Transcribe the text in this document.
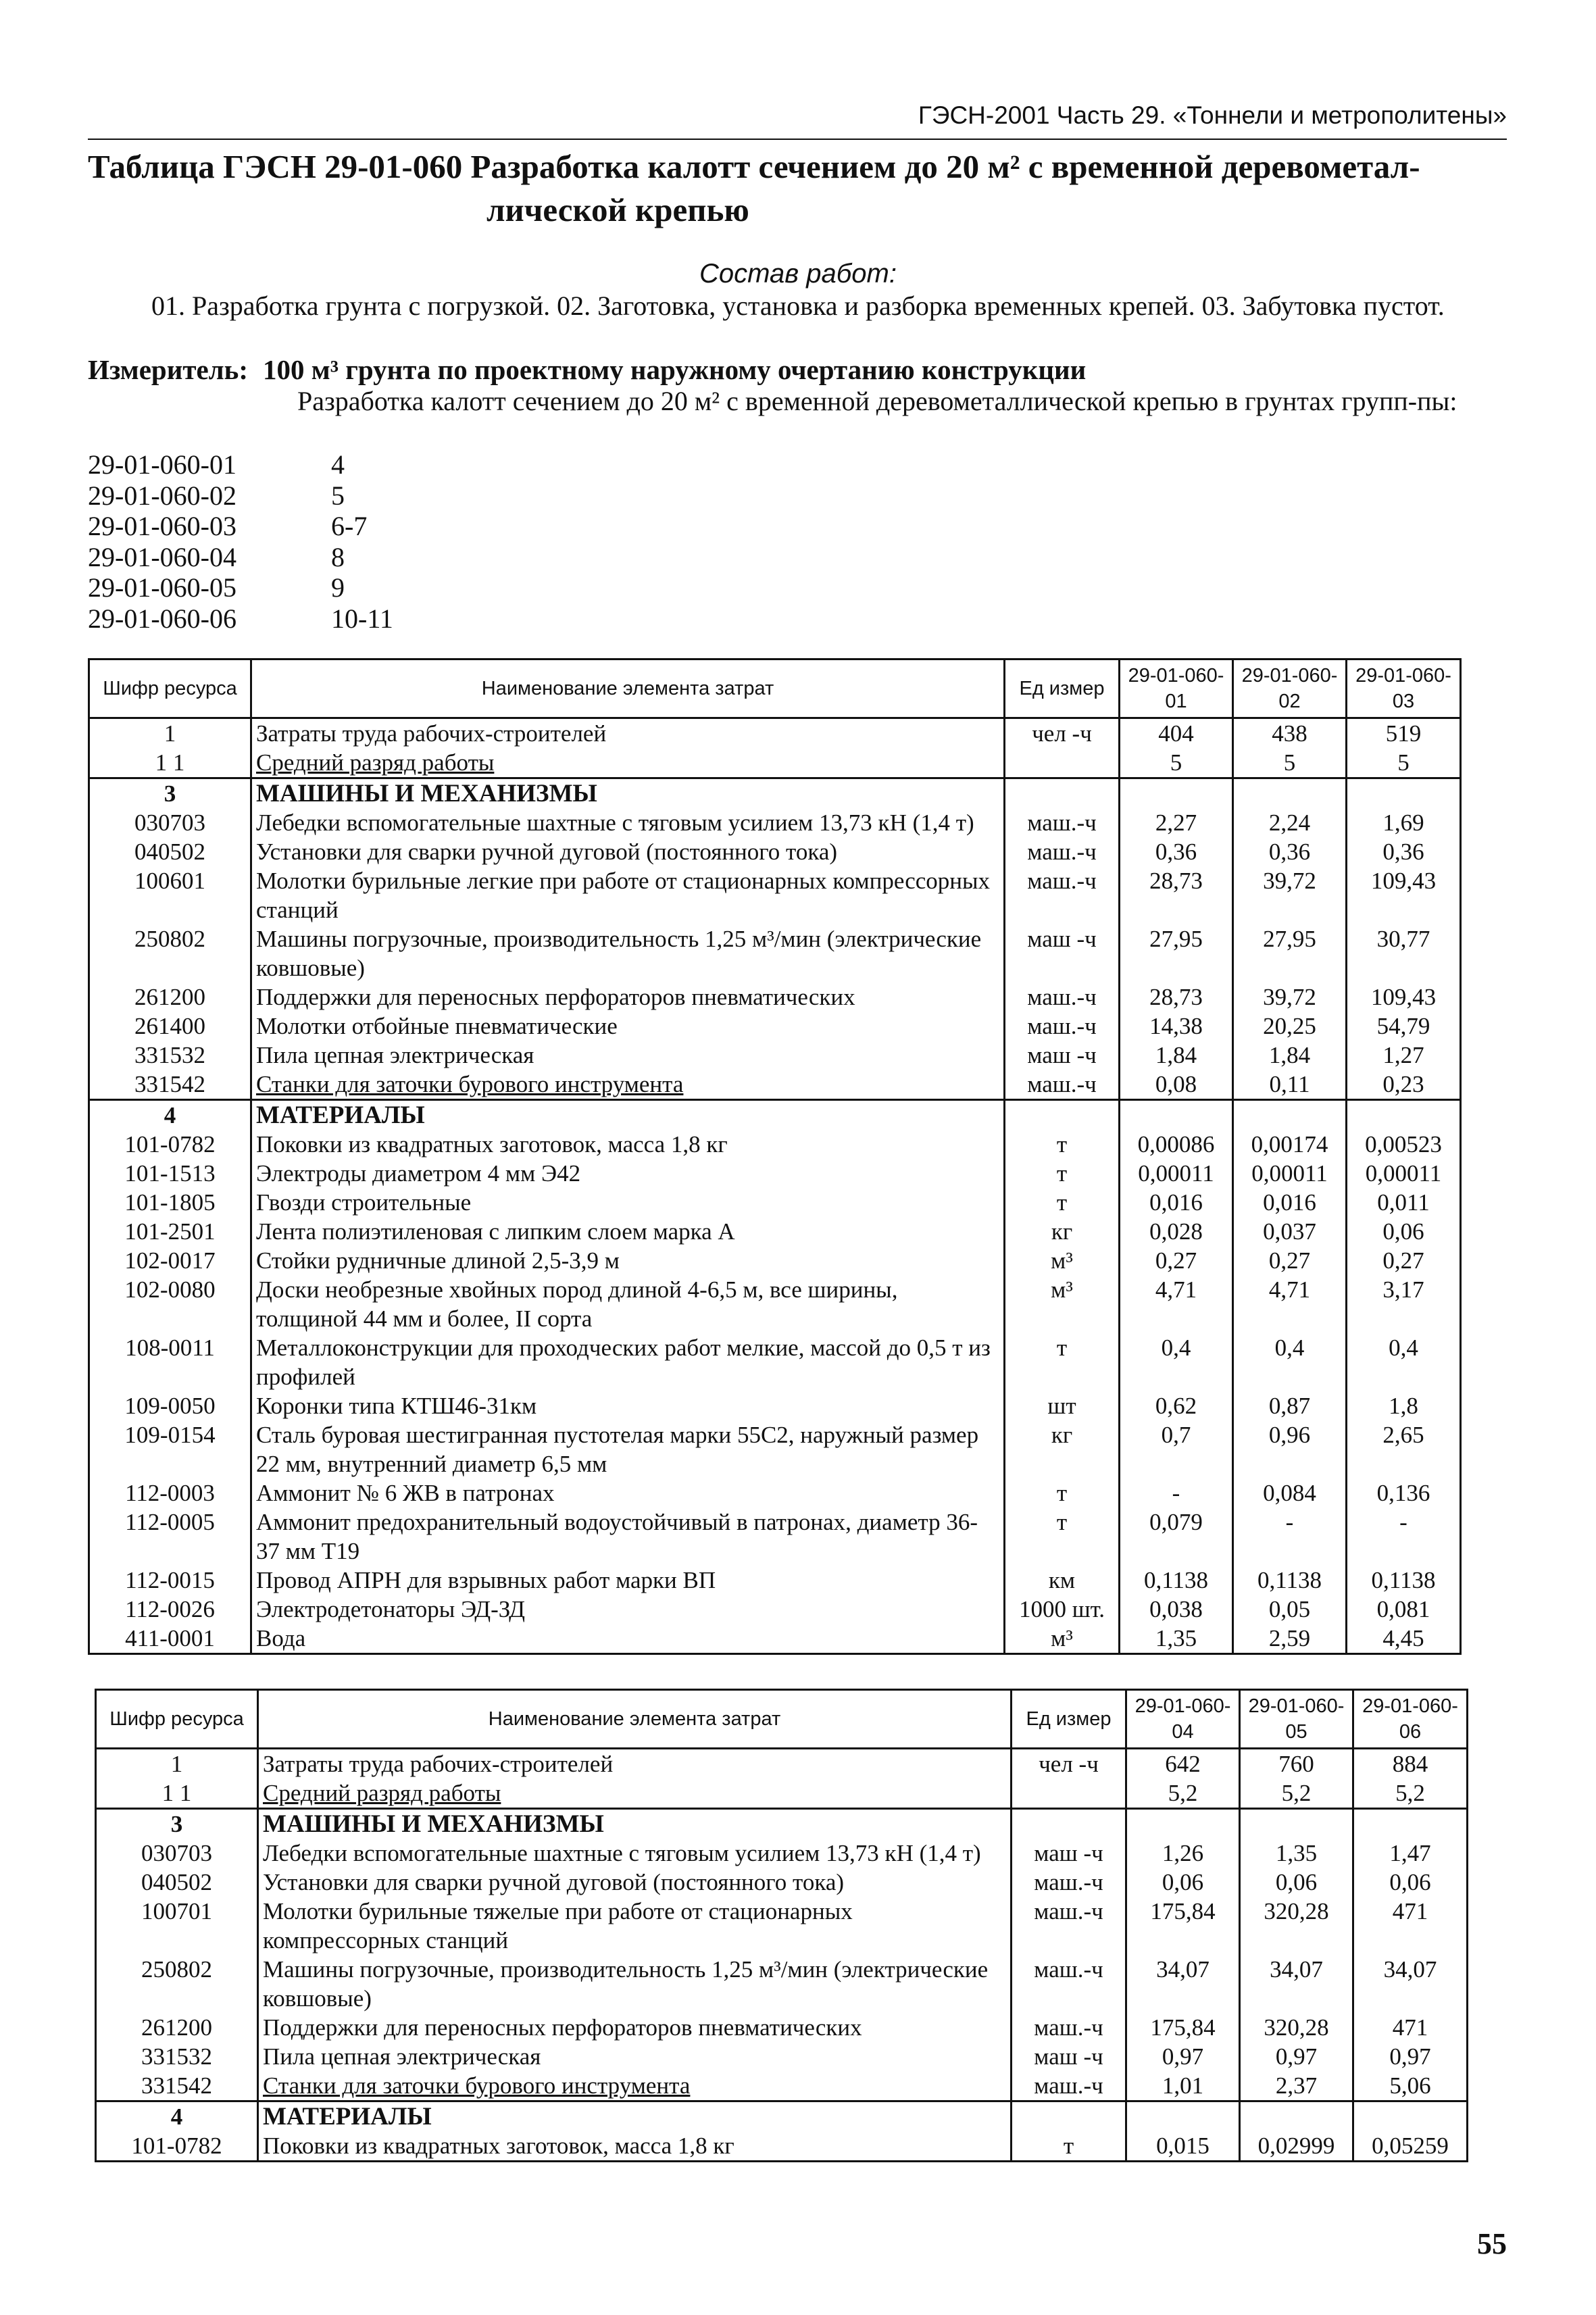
ГЭСН-2001 Часть 29. «Тоннели и метрополитены»
Таблица ГЭСН 29-01-060 Разработка калотт сечением до 20 м² с временной деревометал-
лической крепью
Состав работ:
01. Разработка грунта с погрузкой. 02. Заготовка, установка и разборка временных крепей. 03. Забутовка пустот.
Измеритель: 100 м³ грунта по проектному наружному очертанию конструкции
Разработка калотт сечением до 20 м² с временной деревометаллической крепью в грунтах групп-пы:
29-01-060-01	4
29-01-060-02	5
29-01-060-03	6-7
29-01-060-04	8
29-01-060-05	9
29-01-060-06	10-11
Шифр ресурса	Наименование элемента затрат	Ед измер	29-01-060-01	29-01-060-02	29-01-060-03
1	Затраты труда рабочих-строителей	чел -ч	404	438	519
1 1	Средний разряд работы		5	5	5
3	МАШИНЫ И МЕХАНИЗМЫ				
030703	Лебедки вспомогательные шахтные с тяговым усилием 13,73 кН (1,4 т)	маш.-ч	2,27	2,24	1,69
040502	Установки для сварки ручной дуговой (постоянного тока)	маш.-ч	0,36	0,36	0,36
100601	Молотки бурильные легкие при работе от стационарных компрессорных станций	маш.-ч	28,73	39,72	109,43
250802	Машины погрузочные, производительность 1,25 м³/мин (электрические ковшовые)	маш -ч	27,95	27,95	30,77
261200	Поддержки для переносных перфораторов пневматических	маш.-ч	28,73	39,72	109,43
261400	Молотки отбойные пневматические	маш.-ч	14,38	20,25	54,79
331532	Пила цепная электрическая	маш -ч	1,84	1,84	1,27
331542	Станки для заточки бурового инструмента	маш.-ч	0,08	0,11	0,23
4	МАТЕРИАЛЫ				
101-0782	Поковки из квадратных заготовок, масса 1,8 кг	т	0,00086	0,00174	0,00523
101-1513	Электроды диаметром 4 мм Э42	т	0,00011	0,00011	0,00011
101-1805	Гвозди строительные	т	0,016	0,016	0,011
101-2501	Лента полиэтиленовая с липким слоем марка А	кг	0,028	0,037	0,06
102-0017	Стойки рудничные длиной 2,5-3,9 м	м³	0,27	0,27	0,27
102-0080	Доски необрезные хвойных пород длиной 4-6,5 м, все ширины, толщиной 44 мм и более, II сорта	м³	4,71	4,71	3,17
108-0011	Металлоконструкции для проходческих работ мелкие, массой до 0,5 т из профилей	т	0,4	0,4	0,4
109-0050	Коронки типа КТШ46-31км	шт	0,62	0,87	1,8
109-0154	Сталь буровая шестигранная пустотелая марки 55С2, наружный размер 22 мм, внутренний диаметр 6,5 мм	кг	0,7	0,96	2,65
112-0003	Аммонит № 6 ЖВ в патронах	т	-	0,084	0,136
112-0005	Аммонит предохранительный водоустойчивый в патронах, диаметр 36-37 мм Т19	т	0,079	-	-
112-0015	Провод АПРН для взрывных работ марки ВП	км	0,1138	0,1138	0,1138
112-0026	Электродетонаторы ЭД-ЗД	1000 шт.	0,038	0,05	0,081
411-0001	Вода	м³	1,35	2,59	4,45
Шифр ресурса	Наименование элемента затрат	Ед измер	29-01-060-04	29-01-060-05	29-01-060-06
1	Затраты труда рабочих-строителей	чел -ч	642	760	884
1 1	Средний разряд работы		5,2	5,2	5,2
3	МАШИНЫ И МЕХАНИЗМЫ				
030703	Лебедки вспомогательные шахтные с тяговым усилием 13,73 кН (1,4 т)	маш -ч	1,26	1,35	1,47
040502	Установки для сварки ручной дуговой (постоянного тока)	маш.-ч	0,06	0,06	0,06
100701	Молотки бурильные тяжелые при работе от стационарных компрессорных станций	маш.-ч	175,84	320,28	471
250802	Машины погрузочные, производительность 1,25 м³/мин (электрические ковшовые)	маш.-ч	34,07	34,07	34,07
261200	Поддержки для переносных перфораторов пневматических	маш.-ч	175,84	320,28	471
331532	Пила цепная электрическая	маш -ч	0,97	0,97	0,97
331542	Станки для заточки бурового инструмента	маш.-ч	1,01	2,37	5,06
4	МАТЕРИАЛЫ				
101-0782	Поковки из квадратных заготовок, масса 1,8 кг	т	0,015	0,02999	0,05259
55
